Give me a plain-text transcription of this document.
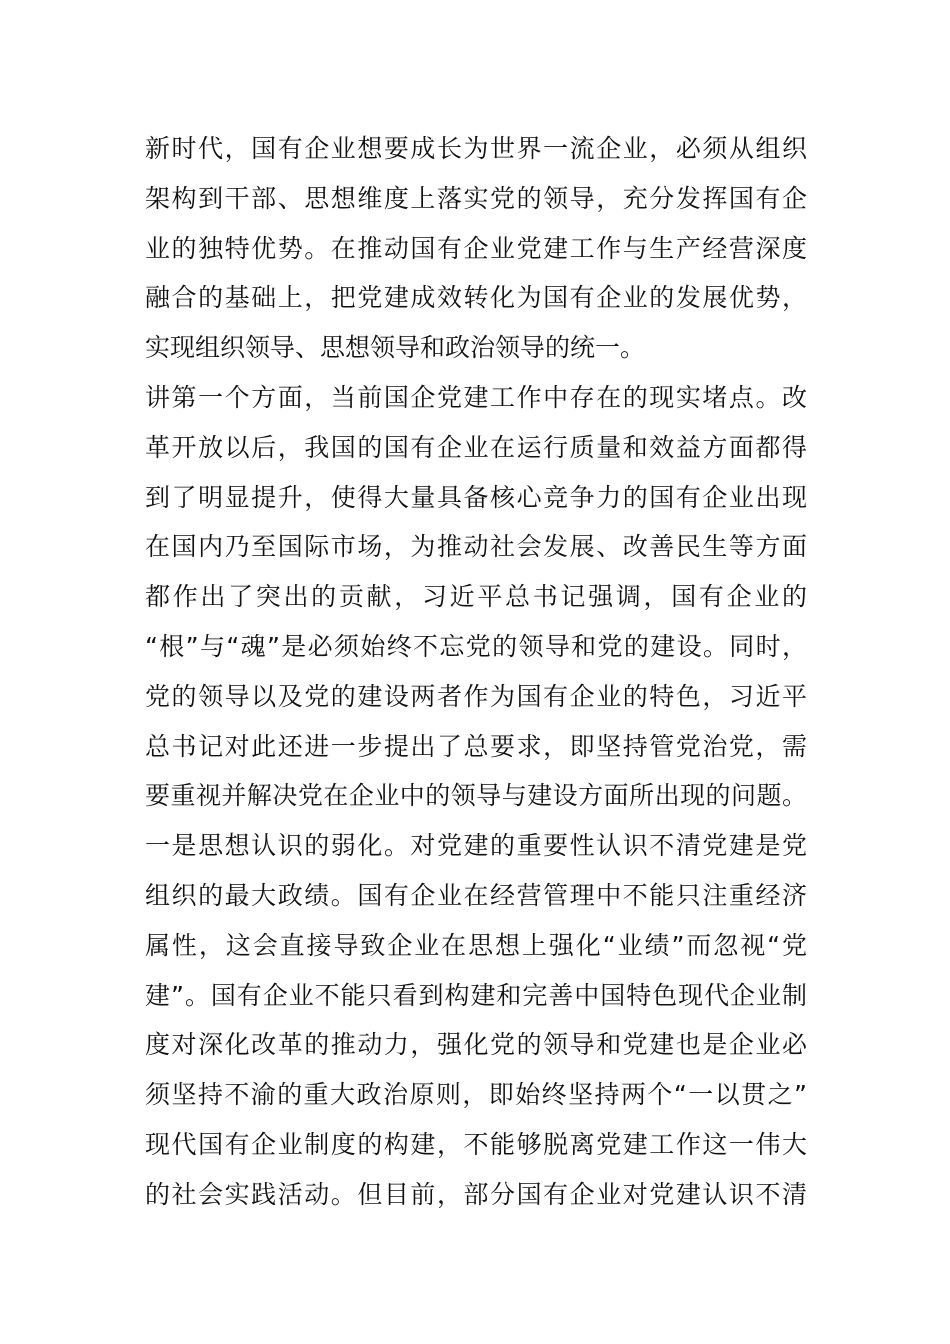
新时代，国有企业想要成长为世界一流企业，必须从组织
架构到干部、思想维度上落实党的领导，充分发挥国有企
业的独特优势。在推动国有企业党建工作与生产经营深度
融合的基础上，把党建成效转化为国有企业的发展优势，
实现组织领导、思想领导和政治领导的统一。
讲第一个方面，当前国企党建工作中存在的现实堵点。改
革开放以后，我国的国有企业在运行质量和效益方面都得
到了明显提升，使得大量具备核心竞争力的国有企业出现
在国内乃至国际市场，为推动社会发展、改善民生等方面
都作出了突出的贡献，习近平总书记强调，国有企业的
“根”与“魂”是必须始终不忘党的领导和党的建设。同时，
党的领导以及党的建设两者作为国有企业的特色，习近平
总书记对此还进一步提出了总要求，即坚持管党治党，需
要重视并解决党在企业中的领导与建设方面所出现的问题。
一是思想认识的弱化。对党建的重要性认识不清党建是党
组织的最大政绩。国有企业在经营管理中不能只注重经济
属性，这会直接导致企业在思想上强化“业绩”而忽视“党
建”。国有企业不能只看到构建和完善中国特色现代企业制
度对深化改革的推动力，强化党的领导和党建也是企业必
须坚持不渝的重大政治原则，即始终坚持两个“一以贯之”
现代国有企业制度的构建，不能够脱离党建工作这一伟大
的社会实践活动。但目前，部分国有企业对党建认识不清
